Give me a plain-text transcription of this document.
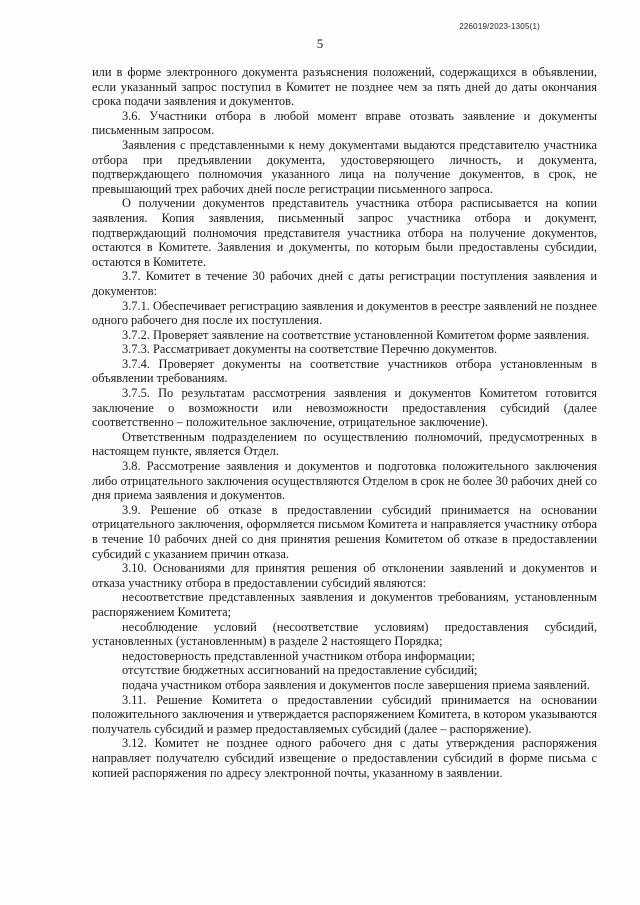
226019/2023-1305(1)
5

или в форме электронного документа разъяснения положений, содержащихся в объявлении, если указанный запрос поступил в Комитет не позднее чем за пять дней до даты окончания срока подачи заявления и документов.

3.6. Участники отбора в любой момент вправе отозвать заявление и документы письменным запросом.

Заявления с представленными к нему документами выдаются представителю участника отбора при предъявлении документа, удостоверяющего личность, и документа, подтверждающего полномочия указанного лица на получение документов, в срок, не превышающий трех рабочих дней после регистрации письменного запроса.

О получении документов представитель участника отбора расписывается на копии заявления. Копия заявления, письменный запрос участника отбора и документ, подтверждающий полномочия представителя участника отбора на получение документов, остаются в Комитете. Заявления и документы, по которым были предоставлены субсидии, остаются в Комитете.

3.7. Комитет в течение 30 рабочих дней с даты регистрации поступления заявления и документов:

3.7.1. Обеспечивает регистрацию заявления и документов в реестре заявлений не позднее одного рабочего дня после их поступления.

3.7.2. Проверяет заявление на соответствие установленной Комитетом форме заявления.

3.7.3. Рассматривает документы на соответствие Перечню документов.

3.7.4. Проверяет документы на соответствие участников отбора установленным в объявлении требованиям.

3.7.5. По результатам рассмотрения заявления и документов Комитетом готовится заключение о возможности или невозможности предоставления субсидий (далее соответственно – положительное заключение, отрицательное заключение).

Ответственным подразделением по осуществлению полномочий, предусмотренных в настоящем пункте, является Отдел.

3.8. Рассмотрение заявления и документов и подготовка положительного заключения либо отрицательного заключения осуществляются Отделом в срок не более 30 рабочих дней со дня приема заявления и документов.

3.9. Решение об отказе в предоставлении субсидий принимается на основании отрицательного заключения, оформляется письмом Комитета и направляется участнику отбора в течение 10 рабочих дней со дня принятия решения Комитетом об отказе в предоставлении субсидий с указанием причин отказа.

3.10. Основаниями для принятия решения об отклонении заявлений и документов и отказа участнику отбора в предоставлении субсидий являются:

несоответствие представленных заявления и документов требованиям, установленным распоряжением Комитета;

несоблюдение условий (несоответствие условиям) предоставления субсидий, установленных (установленным) в разделе 2 настоящего Порядка;

недостоверность представленной участником отбора информации;

отсутствие бюджетных ассигнований на предоставление субсидий;

подача участником отбора заявления и документов после завершения приема заявлений.

3.11. Решение Комитета о предоставлении субсидий принимается на основании положительного заключения и утверждается распоряжением Комитета, в котором указываются получатель субсидий и размер предоставляемых субсидий (далее – распоряжение).

3.12. Комитет не позднее одного рабочего дня с даты утверждения распоряжения направляет получателю субсидий извещение о предоставлении субсидий в форме письма с копией распоряжения по адресу электронной почты, указанному в заявлении.
